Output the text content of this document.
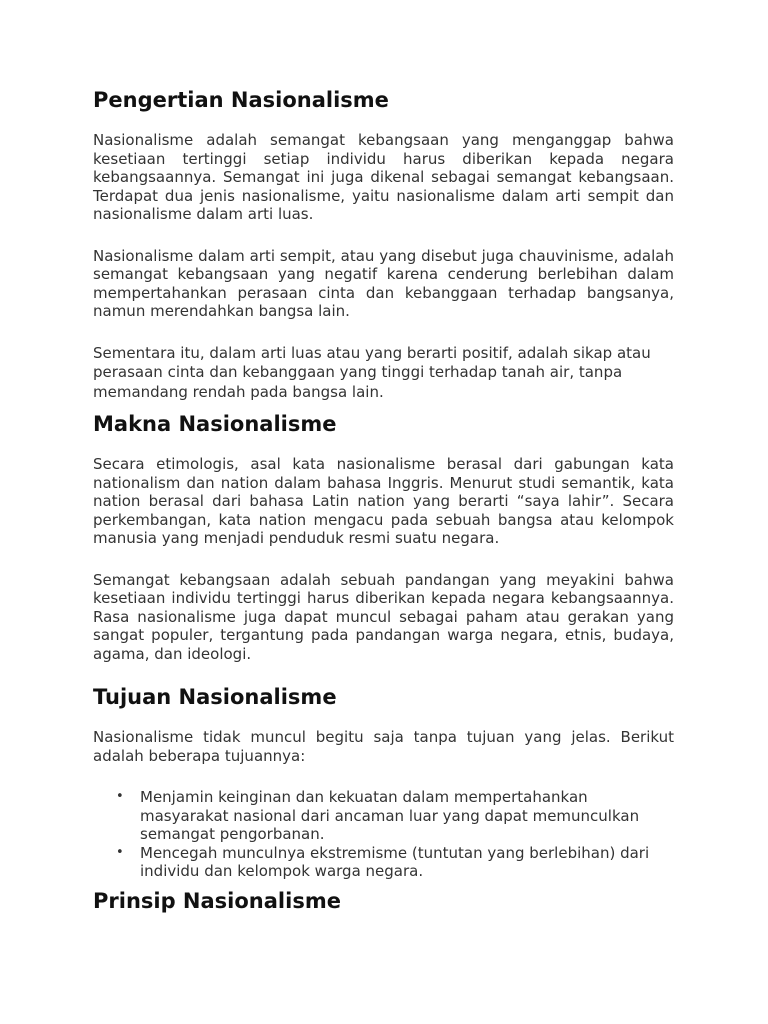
Pengertian Nasionalisme

Nasionalisme adalah semangat kebangsaan yang menganggap bahwa kesetiaan tertinggi setiap individu harus diberikan kepada negara kebangsaannya. Semangat ini juga dikenal sebagai semangat kebangsaan. Terdapat dua jenis nasionalisme, yaitu nasionalisme dalam arti sempit dan nasionalisme dalam arti luas.

Nasionalisme dalam arti sempit, atau yang disebut juga chauvinisme, adalah semangat kebangsaan yang negatif karena cenderung berlebihan dalam mempertahankan perasaan cinta dan kebanggaan terhadap bangsanya, namun merendahkan bangsa lain.

Sementara itu, dalam arti luas atau yang berarti positif, adalah sikap atau perasaan cinta dan kebanggaan yang tinggi terhadap tanah air, tanpa memandang rendah pada bangsa lain.

Makna Nasionalisme

Secara etimologis, asal kata nasionalisme berasal dari gabungan kata nationalism dan nation dalam bahasa Inggris. Menurut studi semantik, kata nation berasal dari bahasa Latin nation yang berarti “saya lahir”. Secara perkembangan, kata nation mengacu pada sebuah bangsa atau kelompok manusia yang menjadi penduduk resmi suatu negara.

Semangat kebangsaan adalah sebuah pandangan yang meyakini bahwa kesetiaan individu tertinggi harus diberikan kepada negara kebangsaannya. Rasa nasionalisme juga dapat muncul sebagai paham atau gerakan yang sangat populer, tergantung pada pandangan warga negara, etnis, budaya, agama, dan ideologi.

Tujuan Nasionalisme

Nasionalisme tidak muncul begitu saja tanpa tujuan yang jelas. Berikut adalah beberapa tujuannya:

• Menjamin keinginan dan kekuatan dalam mempertahankan masyarakat nasional dari ancaman luar yang dapat memunculkan semangat pengorbanan.
• Mencegah munculnya ekstremisme (tuntutan yang berlebihan) dari individu dan kelompok warga negara.
Prinsip Nasionalisme
